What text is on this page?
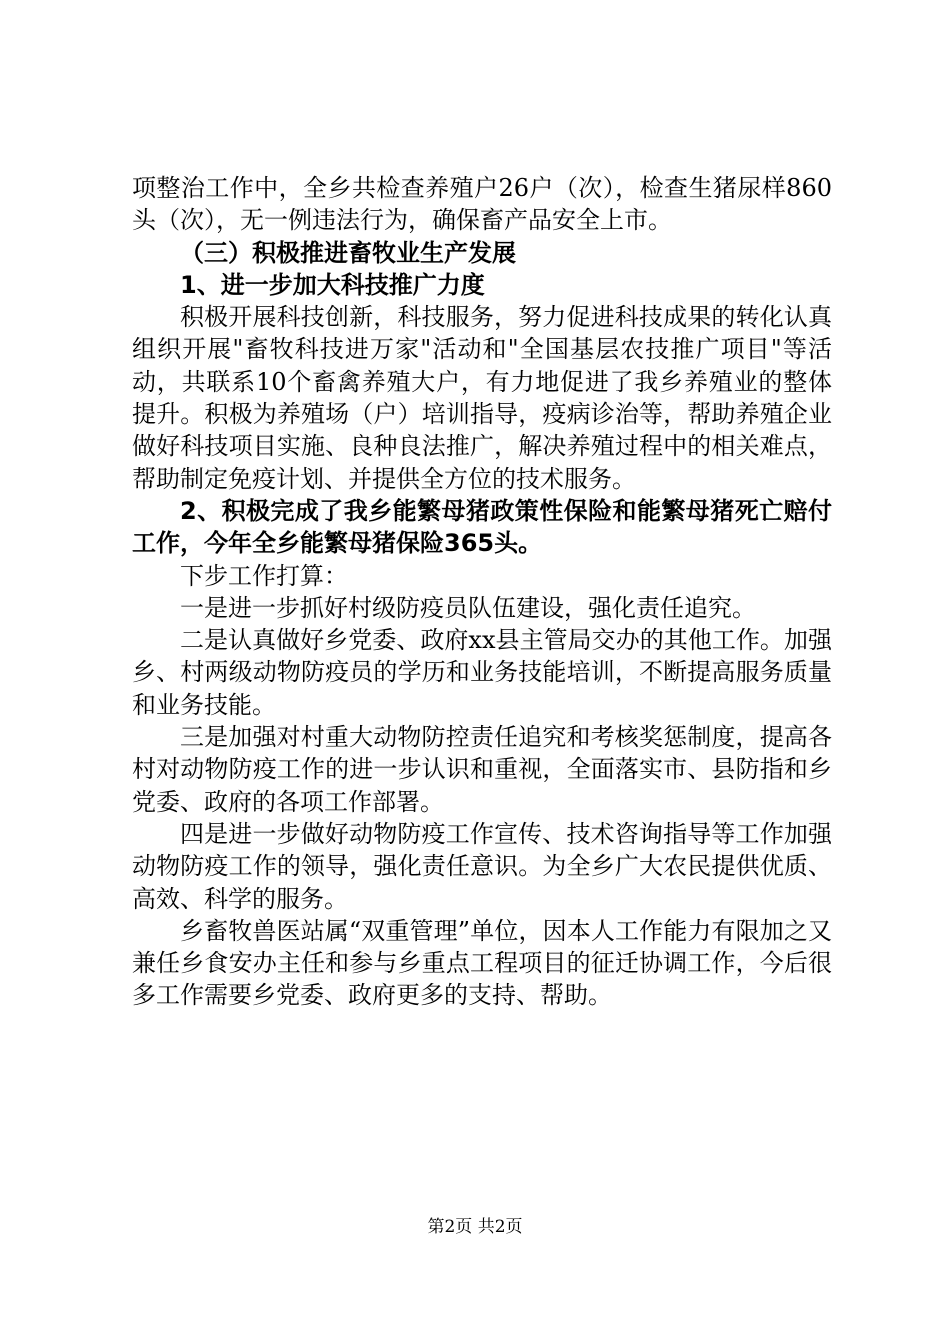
项整治工作中，全乡共检查养殖户26户（次），检查生猪尿样860头（次），无一例违法行为，确保畜产品安全上市。

（三）积极推进畜牧业生产发展

1、进一步加大科技推广力度

积极开展科技创新，科技服务，努力促进科技成果的转化认真组织开展"畜牧科技进万家"活动和"全国基层农技推广项目"等活动，共联系10个畜禽养殖大户，有力地促进了我乡养殖业的整体提升。积极为养殖场（户）培训指导，疫病诊治等，帮助养殖企业做好科技项目实施、良种良法推广，解决养殖过程中的相关难点，帮助制定免疫计划、并提供全方位的技术服务。

2、积极完成了我乡能繁母猪政策性保险和能繁母猪死亡赔付工作，今年全乡能繁母猪保险365头。

下步工作打算：

一是进一步抓好村级防疫员队伍建设，强化责任追究。

二是认真做好乡党委、政府xx县主管局交办的其他工作。加强乡、村两级动物防疫员的学历和业务技能培训，不断提高服务质量和业务技能。

三是加强对村重大动物防控责任追究和考核奖惩制度，提高各村对动物防疫工作的进一步认识和重视，全面落实市、县防指和乡党委、政府的各项工作部署。

四是进一步做好动物防疫工作宣传、技术咨询指导等工作加强动物防疫工作的领导，强化责任意识。为全乡广大农民提供优质、高效、科学的服务。

乡畜牧兽医站属“双重管理”单位，因本人工作能力有限加之又兼任乡食安办主任和参与乡重点工程项目的征迁协调工作，今后很多工作需要乡党委、政府更多的支持、帮助。

第2页 共2页
